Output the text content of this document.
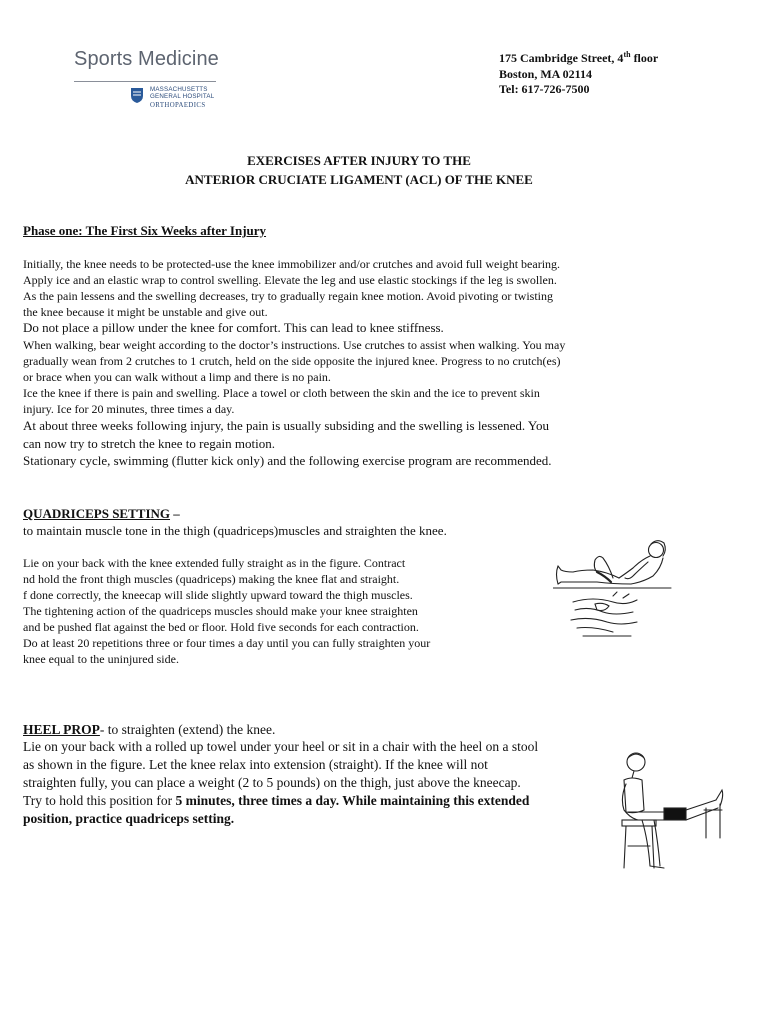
Sports Medicine
MASSACHUSETTS
GENERAL HOSPITAL
ORTHOPAEDICS
175 Cambridge Street, 4th floor
Boston, MA 02114
Tel: 617-726-7500
EXERCISES AFTER INJURY TO THE
ANTERIOR CRUCIATE LIGAMENT (ACL) OF THE KNEE
Phase one: The First Six Weeks after Injury
Initially, the knee needs to be protected-use the knee immobilizer and/or crutches and avoid full weight bearing.
Apply ice and an elastic wrap to control swelling. Elevate the leg and use elastic stockings if the leg is swollen.
As the pain lessens and the swelling decreases, try to gradually regain knee motion. Avoid pivoting or twisting
the knee because it might be unstable and give out.
Do not place a pillow under the knee for comfort. This can lead to knee stiffness.
When walking, bear weight according to the doctor’s instructions. Use crutches to assist when walking. You may
gradually wean from 2 crutches to 1 crutch, held on the side opposite the injured knee. Progress to no crutch(es)
or brace when you can walk without a limp and there is no pain.
Ice the knee if there is pain and swelling. Place a towel or cloth between the skin and the ice to prevent skin
injury. Ice for 20 minutes, three times a day.
At about three weeks following injury, the pain is usually subsiding and the swelling is lessened. You
can now try to stretch the knee to regain motion.
Stationary cycle, swimming (flutter kick only) and the following exercise program are recommended.
QUADRICEPS SETTING –
to maintain muscle tone in the thigh (quadriceps)muscles and straighten the knee.
Lie on your back with the knee extended fully straight as in the figure. Contract
nd hold the front thigh muscles (quadriceps) making the knee flat and straight.
f done correctly, the kneecap will slide slightly upward toward the thigh muscles.
The tightening action of the quadriceps muscles should make your knee straighten
and be pushed flat against the bed or floor. Hold five seconds for each contraction.
Do at least 20 repetitions three or four times a day until you can fully straighten your
knee equal to the uninjured side.
HEEL PROP- to straighten (extend) the knee.
Lie on your back with a rolled up towel under your heel or sit in a chair with the heel on a stool
as shown in the figure. Let the knee relax into extension (straight). If the knee will not
straighten fully, you can place a weight (2 to 5 pounds) on the thigh, just above the kneecap.
Try to hold this position for 5 minutes, three times a day. While maintaining this extended
position, practice quadriceps setting.
